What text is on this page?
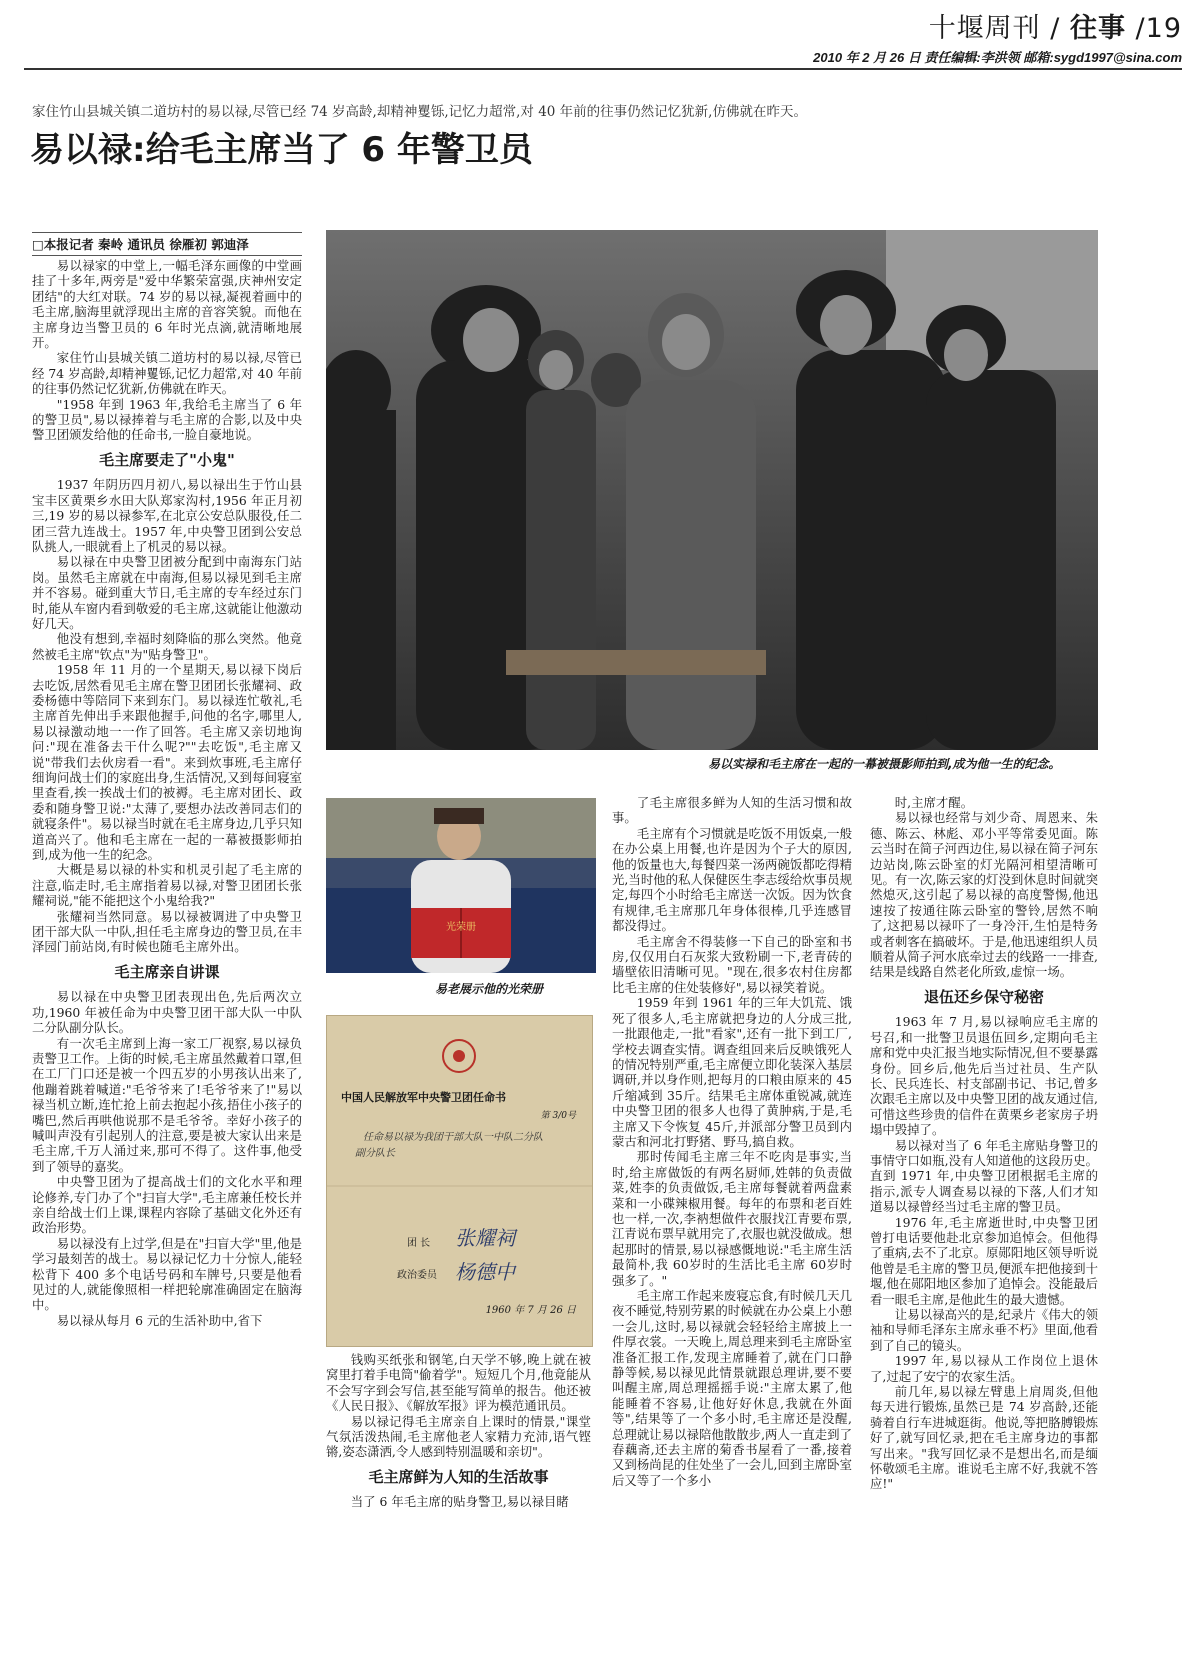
十堰周刊 / 往事 /19
2010 年 2 月 26 日 责任编辑:李洪领 邮箱:sygd1997@sina.com
家住竹山县城关镇二道坊村的易以禄,尽管已经 74 岁高龄,却精神矍铄,记忆力超常,对 40 年前的往事仍然记忆犹新,仿佛就在昨天。
易以禄:给毛主席当了 6 年警卫员
□本报记者 秦岭 通讯员 徐雁初 郭迪泽

易以禄家的中堂上,一幅毛泽东画像的中堂画挂了十多年,两旁是"爱中华繁荣富强,庆神州安定团结"的大红对联。74 岁的易以禄,凝视着画中的毛主席,脑海里就浮现出主席的音容笑貌。而他在主席身边当警卫员的 6 年时光点滴,就清晰地展开。

家住竹山县城关镇二道坊村的易以禄,尽管已经 74 岁高龄,却精神矍铄,记忆力超常,对 40 年前的往事仍然记忆犹新,仿佛就在昨天。

"1958 年到 1963 年,我给毛主席当了 6 年的警卫员",易以禄捧着与毛主席的合影,以及中央警卫团颁发给他的任命书,一脸自豪地说。

毛主席要走了"小鬼"

1937 年阴历四月初八,易以禄出生于竹山县宝丰区黄栗乡水田大队郑家沟村,1956 年正月初三,19 岁的易以禄参军,在北京公安总队服役,任二团三营九连战士。1957 年,中央警卫团到公安总队挑人,一眼就看上了机灵的易以禄。

易以禄在中央警卫团被分配到中南海东门站岗。虽然毛主席就在中南海,但易以禄见到毛主席并不容易。碰到重大节日,毛主席的专车经过东门时,能从车窗内看到敬爱的毛主席,这就能让他激动好几天。

他没有想到,幸福时刻降临的那么突然。他竟然被毛主席"钦点"为"贴身警卫"。

1958 年 11 月的一个星期天,易以禄下岗后去吃饭,居然看见毛主席在警卫团团长张耀祠、政委杨德中等陪同下来到东门。易以禄连忙敬礼,毛主席首先伸出手来跟他握手,问他的名字,哪里人,易以禄激动地一一作了回答。毛主席又亲切地询问:"现在准备去干什么呢?""去吃饭",毛主席又说"带我们去伙房看一看"。来到炊事班,毛主席仔细询问战士们的家庭出身,生活情况,又到每间寝室里查看,挨一挨战士们的被褥。毛主席对团长、政委和随身警卫说:"太薄了,要想办法改善同志们的就寝条件"。易以禄当时就在毛主席身边,几乎只知道高兴了。他和毛主席在一起的一幕被摄影师拍到,成为他一生的纪念。

大概是易以禄的朴实和机灵引起了毛主席的注意,临走时,毛主席指着易以禄,对警卫团团长张耀祠说,"能不能把这个小鬼给我?"

张耀祠当然同意。易以禄被调进了中央警卫团干部大队一中队,担任毛主席身边的警卫员,在丰泽园门前站岗,有时候也随毛主席外出。

毛主席亲自讲课

易以禄在中央警卫团表现出色,先后两次立功,1960 年被任命为中央警卫团干部大队一中队二分队副分队长。

有一次毛主席到上海一家工厂视察,易以禄负责警卫工作。上街的时候,毛主席虽然戴着口罩,但在工厂门口还是被一个四五岁的小男孩认出来了,他蹦着跳着喊道:"毛爷爷来了!毛爷爷来了!"易以禄当机立断,连忙抢上前去抱起小孩,捂住小孩子的嘴巴,然后再哄他说那不是毛爷爷。幸好小孩子的喊叫声没有引起别人的注意,要是被大家认出来是毛主席,千万人涌过来,那可不得了。这件事,他受到了领导的嘉奖。

中央警卫团为了提高战士们的文化水平和理论修养,专门办了个"扫盲大学",毛主席兼任校长并亲自给战士们上课,课程内容除了基础文化外还有政治形势。

易以禄没有上过学,但是在"扫盲大学"里,他是学习最刻苦的战士。易以禄记忆力十分惊人,能轻松背下 400 多个电话号码和车牌号,只要是他看见过的人,就能像照相一样把轮廓准确固定在脑海中。

易以禄从每月 6 元的生活补助中,省下

易以实禄和毛主席在一起的一幕被摄影师拍到,成为他一生的纪念。
光荣册
易老展示他的光荣册
中国人民解放军中央警卫团任命书
第 3/0号
任命易以禄为我团干部大队一中队二分队
副分队长
团 长 张耀祠
政治委员 杨德中
1960 年 7 月 26 日

钱购买纸张和钢笔,白天学不够,晚上就在被窝里打着手电筒"偷着学"。短短几个月,他竟能从不会写字到会写信,甚至能写简单的报告。他还被《人民日报》、《解放军报》评为模范通讯员。

易以禄记得毛主席亲自上课时的情景,"课堂气氛活泼热闹,毛主席他老人家精力充沛,语气铿锵,姿态潇洒,令人感到特别温暖和亲切"。

毛主席鲜为人知的生活故事

当了 6 年毛主席的贴身警卫,易以禄目睹

了毛主席很多鲜为人知的生活习惯和故事。

毛主席有个习惯就是吃饭不用饭桌,一般在办公桌上用餐,也许是因为个子大的原因,他的饭量也大,每餐四菜一汤两碗饭都吃得精光,当时他的私人保健医生李志绥给炊事员规定,每四个小时给毛主席送一次饭。因为饮食有规律,毛主席那几年身体很棒,几乎连感冒都没得过。

毛主席舍不得装修一下自己的卧室和书房,仅仅用白石灰浆大致粉刷一下,老青砖的墙壁依旧清晰可见。"现在,很多农村住房都比毛主席的住处装修好",易以禄笑着说。

1959 年到 1961 年的三年大饥荒、饿死了很多人,毛主席就把身边的人分成三批,一批跟他走,一批"看家",还有一批下到工厂,学校去调查实情。调查组回来后反映饿死人的情况特别严重,毛主席便立即化装深入基层调研,并以身作则,把每月的口粮由原来的 45斤缩减到 35斤。结果毛主席体重锐减,就连中央警卫团的很多人也得了黄肿病,于是,毛主席又下令恢复 45斤,并派部分警卫员到内蒙古和河北打野猪、野马,搞自救。

那时传闻毛主席三年不吃肉是事实,当时,给主席做饭的有两名厨师,姓韩的负责做菜,姓李的负责做饭,毛主席每餐就着两盘素菜和一小碟辣椒用餐。每年的布票和老百姓也一样,一次,李衲想做件衣服找江青要布票,江青说布票早就用完了,衣服也就没做成。想起那时的情景,易以禄感慨地说:"毛主席生活最简朴,我 60岁时的生活比毛主席 60岁时强多了。"

毛主席工作起来废寝忘食,有时候几天几夜不睡觉,特别劳累的时候就在办公桌上小憩一会儿,这时,易以禄就会轻轻给主席披上一件厚衣裳。一天晚上,周总理来到毛主席卧室准备汇报工作,发现主席睡着了,就在门口静静等候,易以禄见此情景就跟总理讲,要不要叫醒主席,周总理摇摇手说:"主席太累了,他能睡着不容易,让他好好休息,我就在外面等",结果等了一个多小时,毛主席还是没醒,总理就让易以禄陪他散散步,两人一直走到了春藕斋,还去主席的菊香书屋看了一番,接着又到杨尚昆的住处坐了一会儿,回到主席卧室后又等了一个多小

时,主席才醒。

易以禄也经常与刘少奇、周恩来、朱德、陈云、林彪、邓小平等常委见面。陈云当时在简子河西边住,易以禄在简子河东边站岗,陈云卧室的灯光隔河相望清晰可见。有一次,陈云家的灯没到休息时间就突然熄灭,这引起了易以禄的高度警惕,他迅速按了按通往陈云卧室的警铃,居然不响了,这把易以禄吓了一身冷汗,生怕是特务或者刺客在搞破坏。于是,他迅速组织人员顺着从简子河水底牵过去的线路一一排查,结果是线路自然老化所致,虚惊一场。

退伍还乡保守秘密

1963 年 7 月,易以禄响应毛主席的号召,和一批警卫员退伍回乡,定期向毛主席和党中央汇报当地实际情况,但不要暴露身份。回乡后,他先后当过社员、生产队长、民兵连长、村支部副书记、书记,曾多次跟毛主席以及中央警卫团的战友通过信,可惜这些珍贵的信件在黄栗乡老家房子坍塌中毁掉了。

易以禄对当了 6 年毛主席贴身警卫的事情守口如瓶,没有人知道他的这段历史。直到 1971 年,中央警卫团根据毛主席的指示,派专人调查易以禄的下落,人们才知道易以禄曾经当过毛主席的警卫员。

1976 年,毛主席逝世时,中央警卫团曾打电话要他赴北京参加追悼会。但他得了重病,去不了北京。原郧阳地区领导听说他曾是毛主席的警卫员,便派车把他接到十堰,他在郧阳地区参加了追悼会。没能最后看一眼毛主席,是他此生的最大遗憾。

让易以禄高兴的是,纪录片《伟大的领袖和导师毛泽东主席永垂不朽》里面,他看到了自己的镜头。

1997 年,易以禄从工作岗位上退休了,过起了安宁的农家生活。

前几年,易以禄左臂患上肩周炎,但他每天进行锻炼,虽然已是 74 岁高龄,还能骑着自行车进城逛街。他说,等把胳膊锻炼好了,就写回忆录,把在毛主席身边的事都写出来。"我写回忆录不是想出名,而是缅怀敬颂毛主席。谁说毛主席不好,我就不答应!"
